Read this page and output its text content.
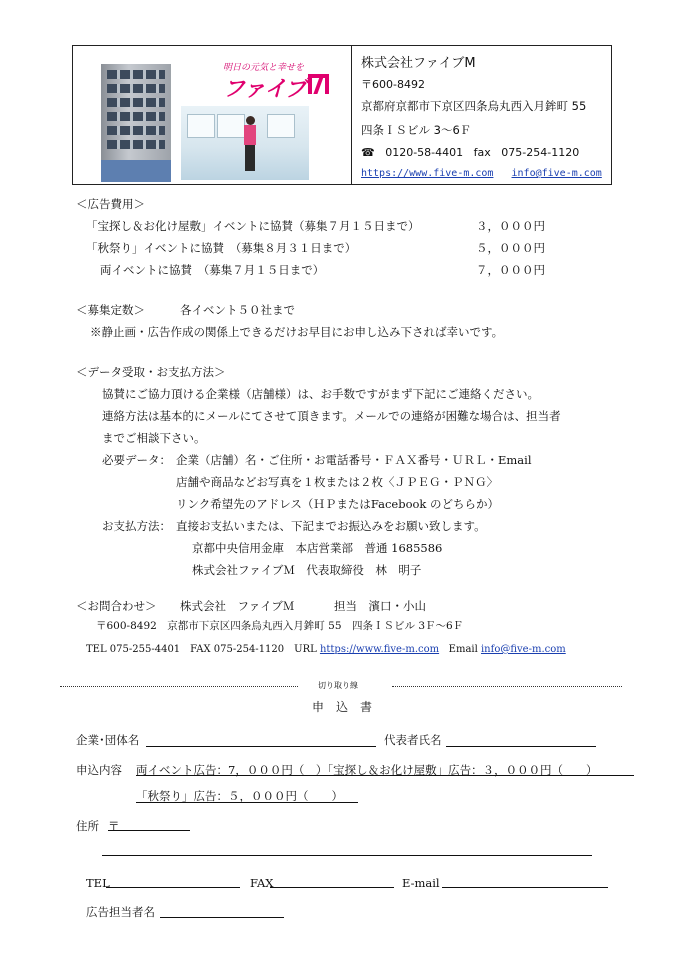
明日の元気と幸せを
ファイブ
株式会社ファイブM
〒600-8492
京都府京都市下京区四条烏丸西入月鉾町 55
四条ＩＳビル 3～6Ｆ
☎ 0120-58-4401 fax 075-254-1120
https://www.five-m.com info@five-m.com
＜広告費用＞
「宝探し＆お化け屋敷」イベントに協賛（募集７月１５日まで）	３，０００円
「秋祭り」イベントに協賛　（募集８月３１日まで）	５，０００円
両イベントに協賛　（募集７月１５日まで）	７，０００円
＜募集定数＞	各イベント５０社まで
※静止画・広告作成の関係上できるだけお早目にお申し込み下されば幸いです。
＜データ受取・お支払方法＞
協賛にご協力頂ける企業様（店舗様）は、お手数ですがまず下記にご連絡ください。
連絡方法は基本的にメールにてさせて頂きます。メールでの連絡が困難な場合は、担当者
までご相談下さい。
必要データ： 企業（店舗）名・ご住所・お電話番号・ＦＡＸ番号・ＵＲＬ・Email
店舗や商品などお写真を１枚または２枚〈ＪＰＥＧ・ＰＮＧ〉
リンク希望先のアドレス（ＨＰまたはFacebook のどちらか）
お支払方法： 直接お支払いまたは、下記までお振込みをお願い致します。
京都中央信用金庫　本店営業部　普通 1685586
株式会社ファイブＭ　代表取締役　林　明子
＜お問合わせ＞ 株式会社　ファイブＭ	担当　濱口・小山
〒600-8492　京都市下京区四条烏丸西入月鉾町 55　四条ＩＳビル 3Ｆ～6Ｆ
TEL 075-255-4401　FAX 075-254-1120　URL https://www.five-m.com Email info@five-m.com
切り取り線
申　込　書
企業･団体名	代表者氏名
申込内容 両イベント広告：7，０００円（　）「宝探し＆お化け屋敷」広告：３，０００円（　　）
「秋祭り」広告：５，０００円（　　）
住所 〒
TEL	FAX	E-mail
広告担当者名
